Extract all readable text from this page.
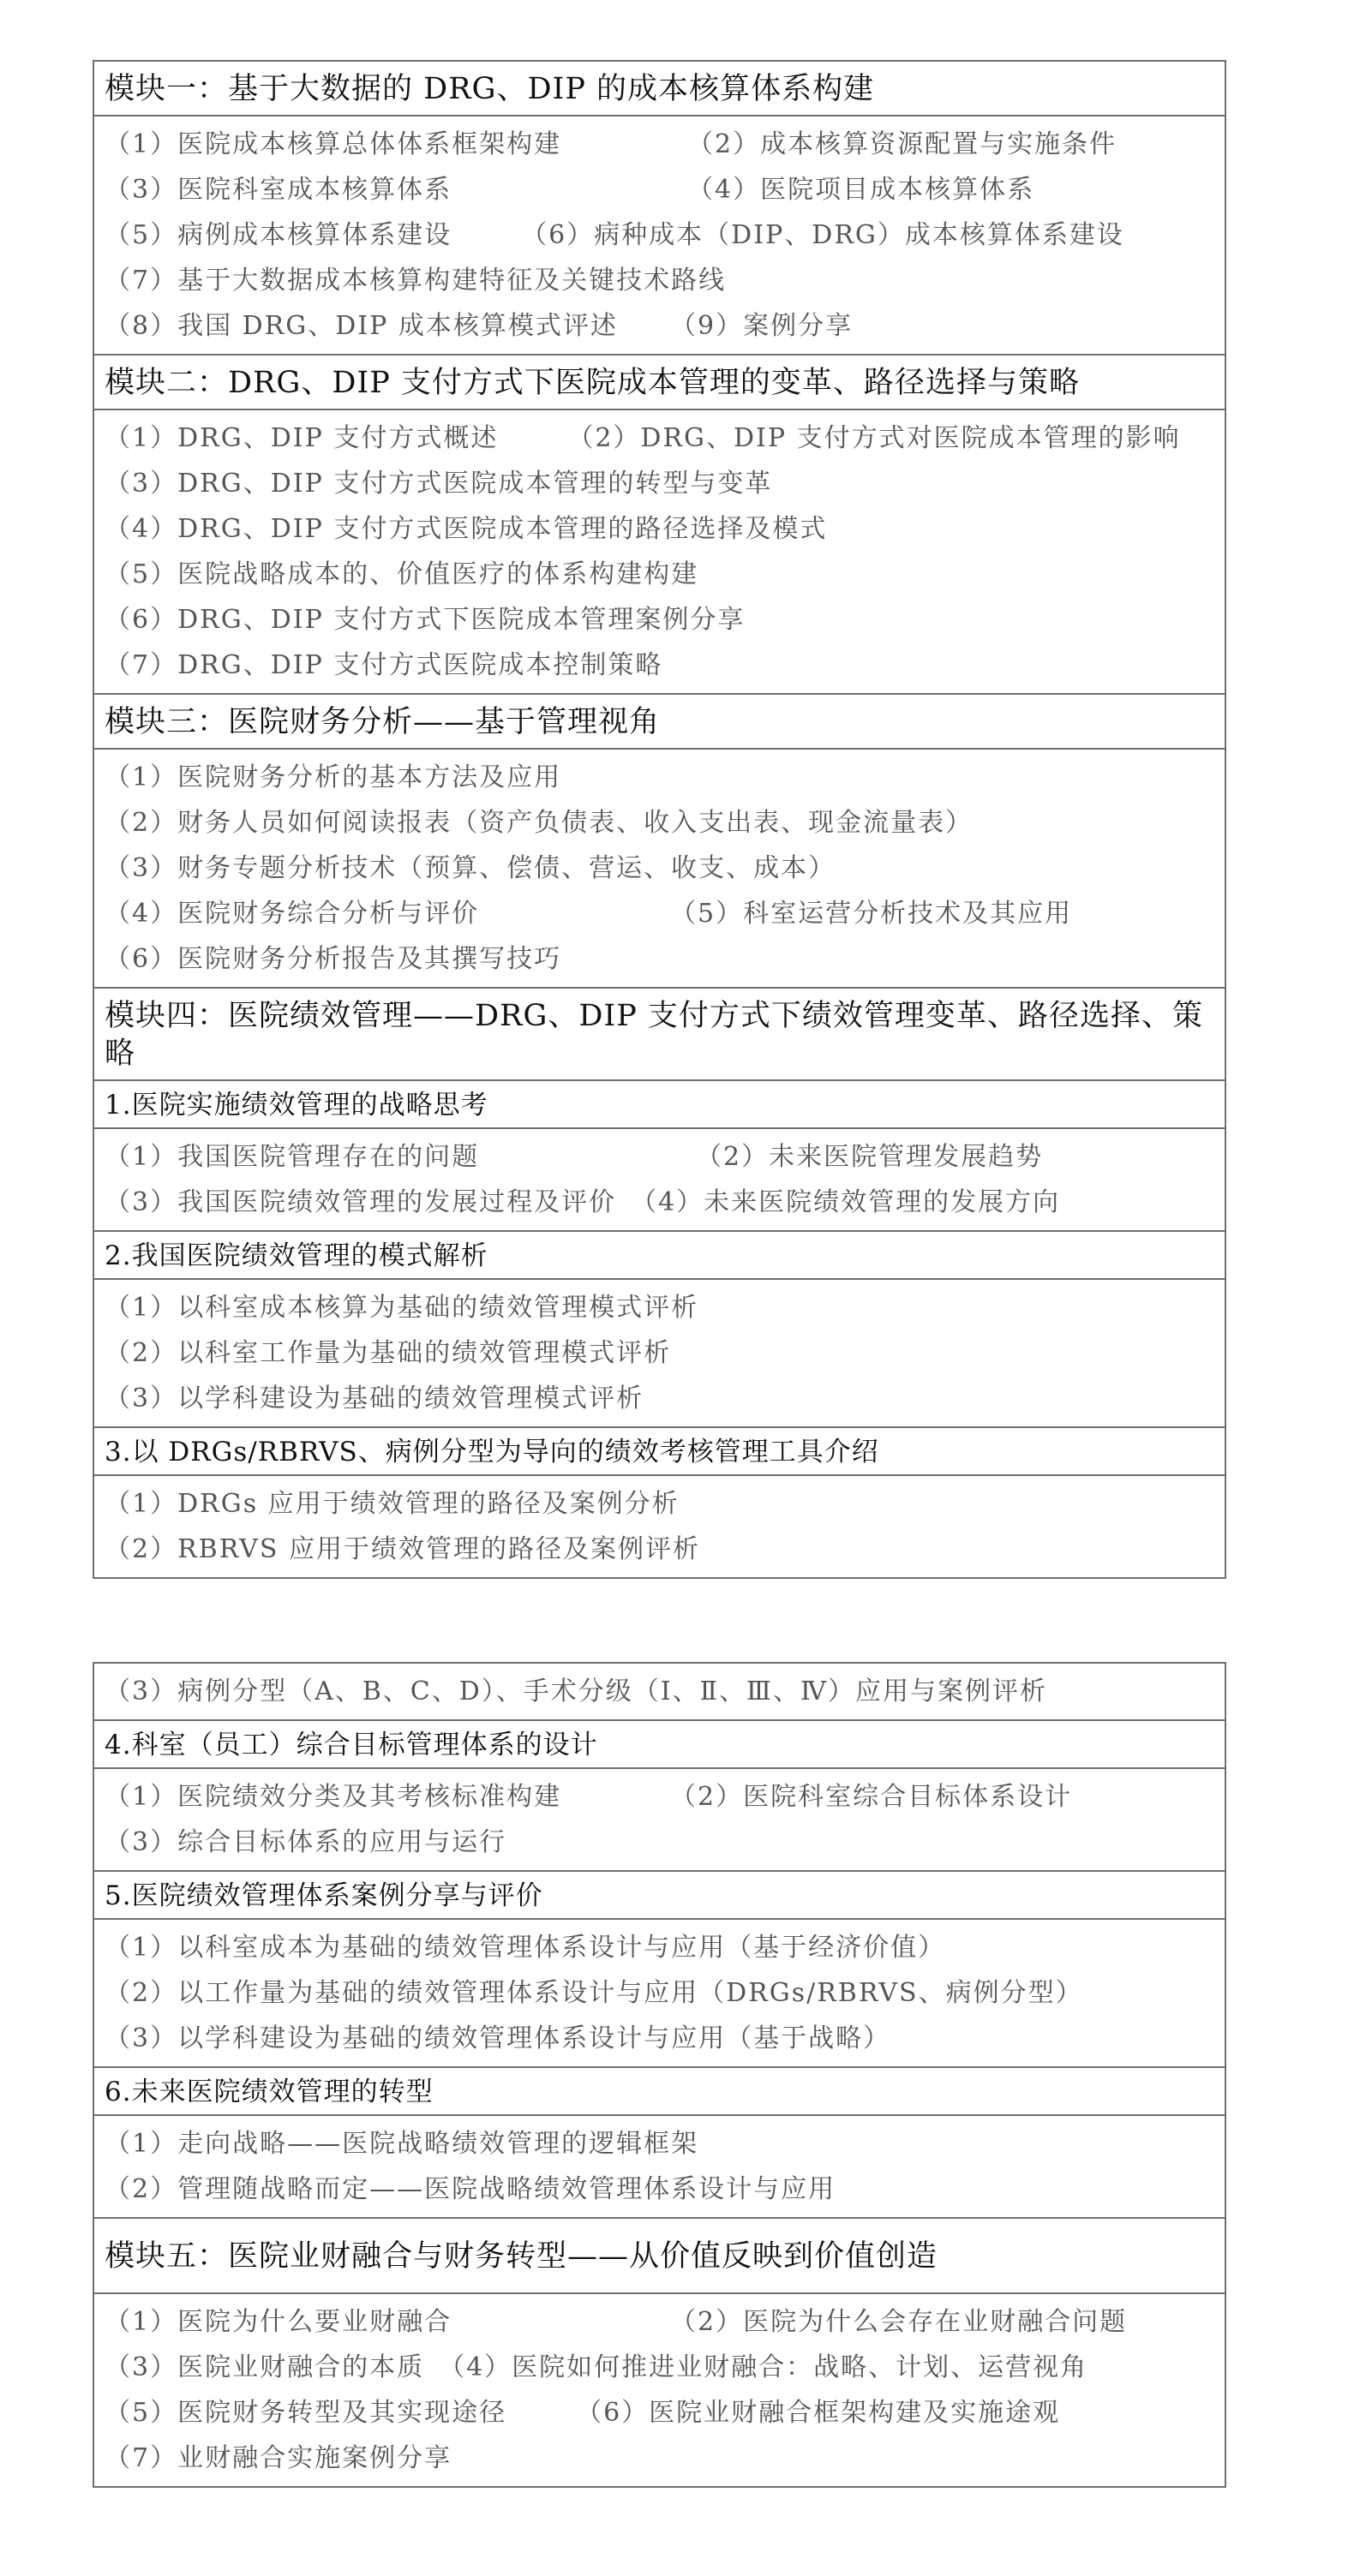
模块一：基于大数据的 DRG、DIP 的成本核算体系构建
（1）医院成本核算总体体系框架构建	（2）成本核算资源配置与实施条件
（3）医院科室成本核算体系	（4）医院项目成本核算体系
（5）病例成本核算体系建设　　　（6）病种成本（DIP、DRG）成本核算体系建设
（7）基于大数据成本核算构建特征及关键技术路线
（8）我国 DRG、DIP 成本核算模式评述	（9）案例分享
模块二：DRG、DIP 支付方式下医院成本管理的变革、路径选择与策略
（1）DRG、DIP 支付方式概述　　　（2）DRG、DIP 支付方式对医院成本管理的影响
（3）DRG、DIP 支付方式医院成本管理的转型与变革
（4）DRG、DIP 支付方式医院成本管理的路径选择及模式
（5）医院战略成本的、价值医疗的体系构建构建
（6）DRG、DIP 支付方式下医院成本管理案例分享
（7）DRG、DIP 支付方式医院成本控制策略
模块三：医院财务分析——基于管理视角
（1）医院财务分析的基本方法及应用
（2）财务人员如何阅读报表（资产负债表、收入支出表、现金流量表）
（3）财务专题分析技术（预算、偿债、营运、收支、成本）
（4）医院财务综合分析与评价	（5）科室运营分析技术及其应用
（6）医院财务分析报告及其撰写技巧
模块四：医院绩效管理——DRG、DIP 支付方式下绩效管理变革、路径选择、策略
1.医院实施绩效管理的战略思考
（1）我国医院管理存在的问题	（2）未来医院管理发展趋势
（3）我国医院绩效管理的发展过程及评价　（4）未来医院绩效管理的发展方向
2.我国医院绩效管理的模式解析
（1）以科室成本核算为基础的绩效管理模式评析
（2）以科室工作量为基础的绩效管理模式评析
（3）以学科建设为基础的绩效管理模式评析
3.以 DRGs/RBRVS、病例分型为导向的绩效考核管理工具介绍
（1）DRGs 应用于绩效管理的路径及案例分析
（2）RBRVS 应用于绩效管理的路径及案例评析
（3）病例分型（A、B、C、D）、手术分级（Ⅰ、Ⅱ、Ⅲ、Ⅳ）应用与案例评析
4.科室（员工）综合目标管理体系的设计
（1）医院绩效分类及其考核标准构建	（2）医院科室综合目标体系设计
（3）综合目标体系的应用与运行
5.医院绩效管理体系案例分享与评价
（1）以科室成本为基础的绩效管理体系设计与应用（基于经济价值）
（2）以工作量为基础的绩效管理体系设计与应用（DRGs/RBRVS、病例分型）
（3）以学科建设为基础的绩效管理体系设计与应用（基于战略）
6.未来医院绩效管理的转型
（1）走向战略——医院战略绩效管理的逻辑框架
（2）管理随战略而定——医院战略绩效管理体系设计与应用
模块五：医院业财融合与财务转型——从价值反映到价值创造
（1）医院为什么要业财融合	（2）医院为什么会存在业财融合问题
（3）医院业财融合的本质　（4）医院如何推进业财融合：战略、计划、运营视角
（5）医院财务转型及其实现途径　　　（6）医院业财融合框架构建及实施途观
（7）业财融合实施案例分享
